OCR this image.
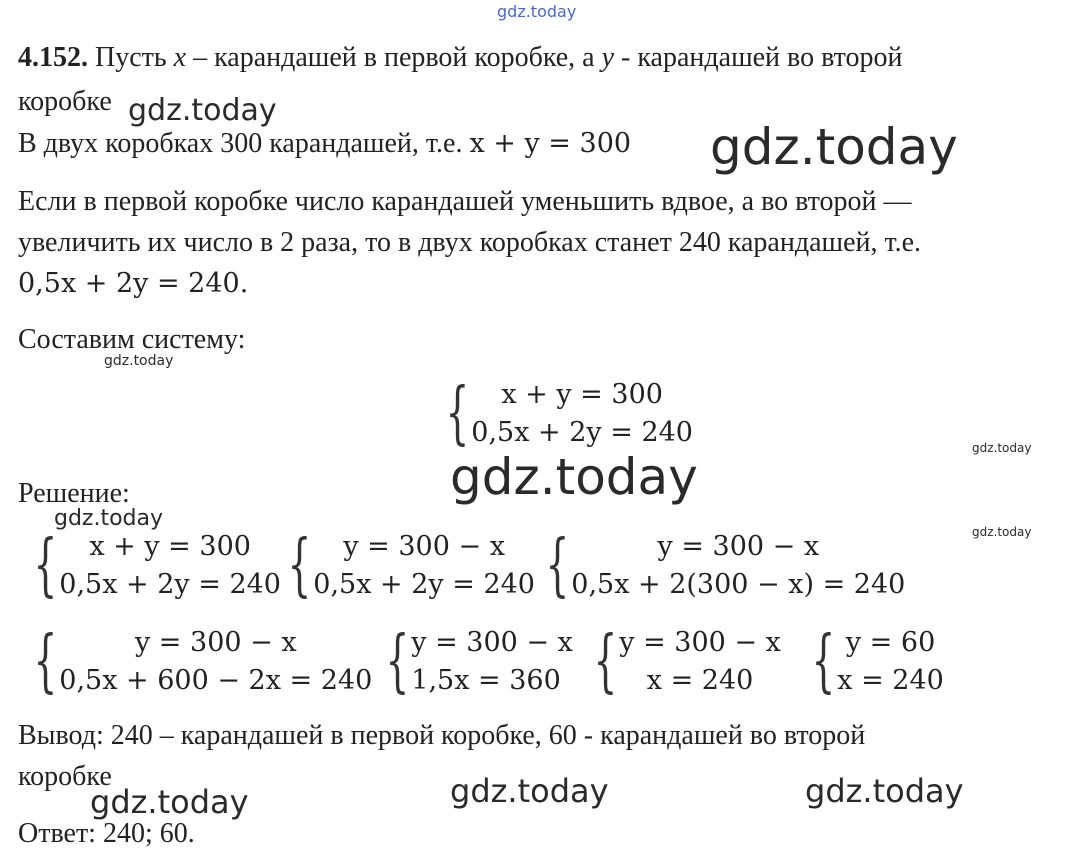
gdz.today
gdz.today
gdz.today
gdz.today
gdz.today
gdz.today
gdz.today
gdz.today
gdz.today	gdz.today	gdz.today
4.152. Пусть x – карандашей в первой коробке, а y - карандашей во второй
коробке
В двух коробках 300 карандашей, т.е. x + y = 300
Если в первой коробке число карандашей уменьшить вдвое, а во второй —
увеличить их число в 2 раза, то в двух коробках станет 240 карандашей, т.е.
0,5x + 2y = 240.
Составим систему:
{	x + y = 300
0,5x + 2y = 240
Решение:
{	x + y = 300
0,5x + 2y = 240 {	y = 300 − x
0,5x + 2y = 240 {	y = 300 − x
0,5x + 2(300 − x) = 240
{	y = 300 − x
0,5x + 600 − 2x = 240 { y = 300 − x
1,5x = 360 { y = 300 − x
x = 240 { y = 60
x = 240
Вывод: 240 – карандашей в первой коробке, 60 - карандашей во второй
коробке
Ответ: 240; 60.
